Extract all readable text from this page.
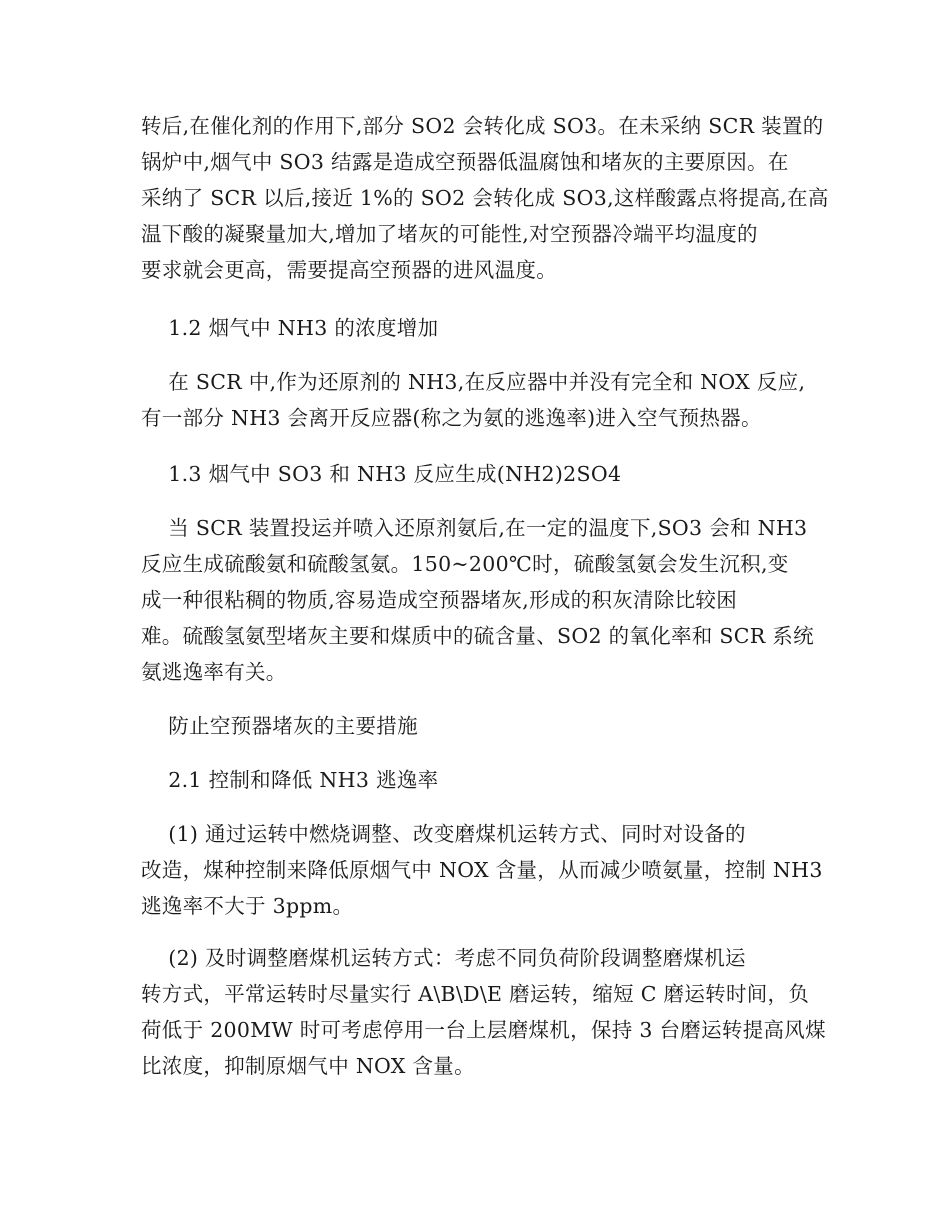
转后,在催化剂的作用下,部分 SO2 会转化成 SO3。在未采纳 SCR 装置的
锅炉中,烟气中 SO3 结露是造成空预器低温腐蚀和堵灰的主要原因。在
采纳了 SCR 以后,接近 1%的 SO2 会转化成 SO3,这样酸露点将提高,在高
温下酸的凝聚量加大,增加了堵灰的可能性,对空预器冷端平均温度的
要求就会更高，需要提高空预器的进风温度。
1.2 烟气中 NH3 的浓度增加
在 SCR 中,作为还原剂的 NH3,在反应器中并没有完全和 NOX 反应,
有一部分 NH3 会离开反应器(称之为氨的逃逸率)进入空气预热器。
1.3 烟气中 SO3 和 NH3 反应生成(NH2)2SO4
当 SCR 装置投运并喷入还原剂氨后,在一定的温度下,SO3 会和 NH3
反应生成硫酸氨和硫酸氢氨。150~200℃时，硫酸氢氨会发生沉积,变
成一种很粘稠的物质,容易造成空预器堵灰,形成的积灰清除比较困
难。硫酸氢氨型堵灰主要和煤质中的硫含量、SO2 的氧化率和 SCR 系统
氨逃逸率有关。
防止空预器堵灰的主要措施
2.1 控制和降低 NH3 逃逸率
(1) 通过运转中燃烧调整、改变磨煤机运转方式、同时对设备的
改造，煤种控制来降低原烟气中 NOX 含量，从而减少喷氨量，控制 NH3
逃逸率不大于 3ppm。
(2) 及时调整磨煤机运转方式：考虑不同负荷阶段调整磨煤机运
转方式，平常运转时尽量实行 A\B\D\E 磨运转，缩短 C 磨运转时间，负
荷低于 200MW 时可考虑停用一台上层磨煤机，保持 3 台磨运转提高风煤
比浓度，抑制原烟气中 NOX 含量。
